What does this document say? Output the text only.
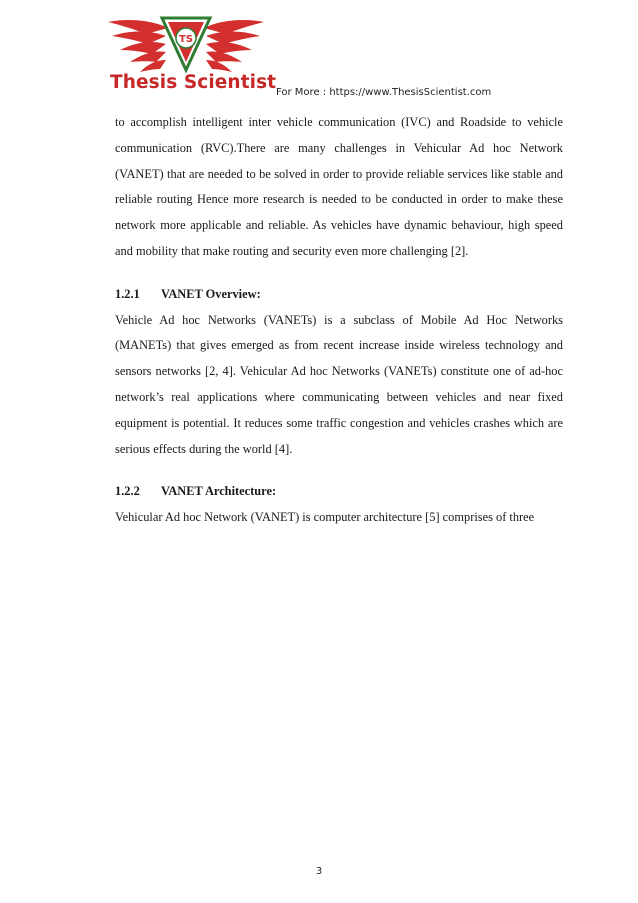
TS
Thesis Scientist For More : https://www.ThesisScientist.com

to accomplish intelligent inter vehicle communication (IVC) and Roadside to vehicle communication (RVC).There are many challenges in Vehicular Ad hoc Network (VANET) that are needed to be solved in order to provide reliable services like stable and reliable routing Hence more research is needed to be conducted in order to make these network more applicable and reliable. As vehicles have dynamic behaviour, high speed and mobility that make routing and security even more challenging [2].

1.2.1 VANET Overview:

Vehicle Ad hoc Networks (VANETs) is a subclass of Mobile Ad Hoc Networks (MANETs) that gives emerged as from recent increase inside wireless technology and sensors networks [2, 4]. Vehicular Ad hoc Networks (VANETs) constitute one of ad-hoc network’s real applications where communicating between vehicles and near fixed equipment is potential. It reduces some traffic congestion and vehicles crashes which are serious effects during the world [4].

1.2.2 VANET Architecture:

Vehicular Ad hoc Network (VANET) is computer architecture [5] comprises of three

3
